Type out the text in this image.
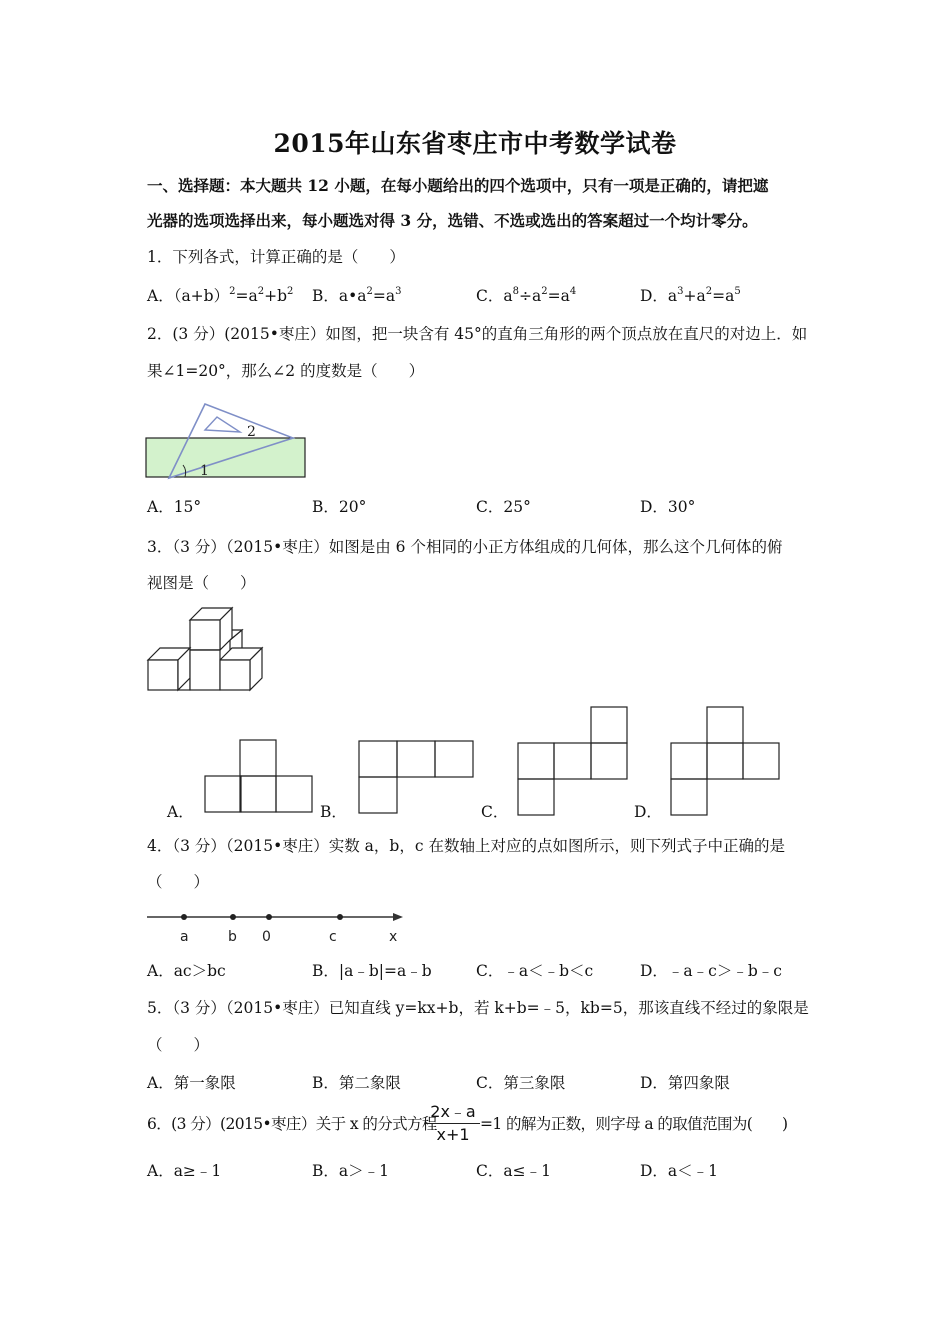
2015年山东省枣庄市中考数学试卷
一、选择题：本大题共 12 小题，在每小题给出的四个选项中，只有一项是正确的，请把遮
光器的选项选择出来，每小题选对得 3 分，选错、不选或选出的答案超过一个均计零分。
1．下列各式，计算正确的是（　　）
A．$(a+b)^2=a^2+b^2$ B．$a•a^2=a^3$	C．$a^8\div a^2=a^4$	D．$a^3+a^2=a^5$
2．(3 分）(2015•枣庄）如图，把一块含有 45°的直角三角形的两个顶点放在直尺的对边上．如
果∠1=20°，那么∠2 的度数是（　　）
2
1
A．15°	B．20°	C．25°	D．30°
3．（3 分）（2015•枣庄）如图是由 6 个相同的小正方体组成的几何体，那么这个几何体的俯
视图是（　　）
A．	B．	C．	D．
4．（3 分）（2015•枣庄）实数 a，b，c 在数轴上对应的点如图所示，则下列式子中正确的是
（　　）
a	b 0	c	x
A．ac＞bc	B．|a﹣b|=a﹣b	C．﹣a＜﹣b＜c	D．﹣a﹣c＞﹣b﹣c
5．（3 分）（2015•枣庄）已知直线 y=kx+b，若 k+b=﹣5，kb=5，那该直线不经过的象限是
（　　）
A．第一象限	B．第二象限	C．第三象限	D．第四象限
6．(3 分）(2015•枣庄）关于 x 的分式方程
2x﹣a
x+1
=1 的解为正数，则字母 a 的取值范围为(　　)
A．a≥﹣1	B．a＞﹣1	C．a≤﹣1	D．a＜﹣1
